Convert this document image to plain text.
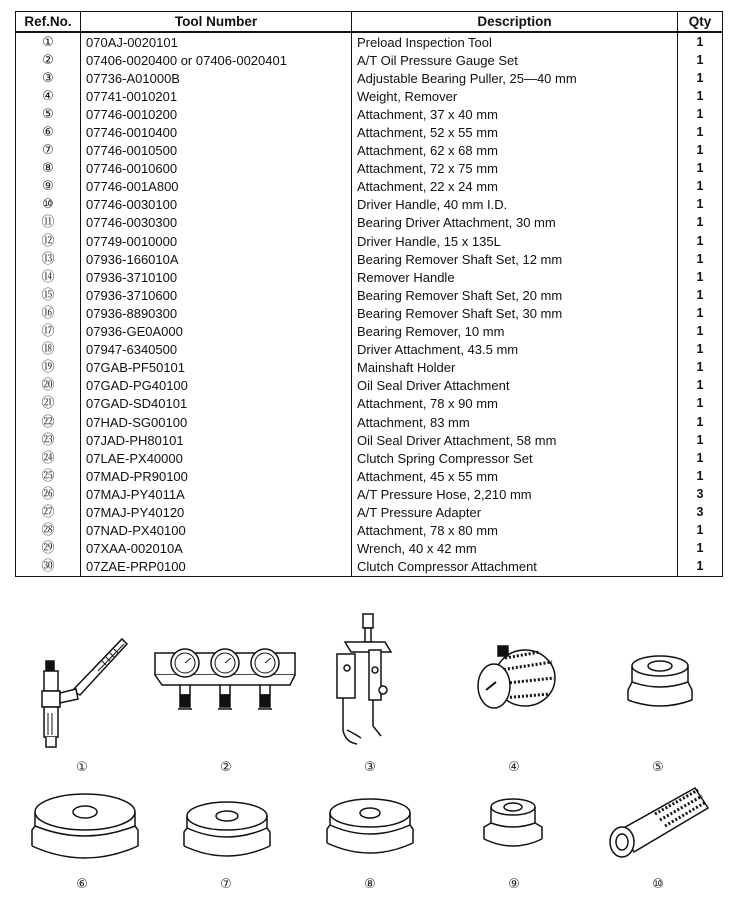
Ref.No.	Tool Number	Description	Qty
①	070AJ-0020101	Preload Inspection Tool	1
②	07406-0020400 or 07406-0020401	A/T Oil Pressure Gauge Set	1
③	07736-A01000B	Adjustable Bearing Puller, 25—40 mm	1
④	07741-0010201	Weight, Remover	1
⑤	07746-0010200	Attachment, 37 x 40 mm	1
⑥	07746-0010400	Attachment, 52 x 55 mm	1
⑦	07746-0010500	Attachment, 62 x 68 mm	1
⑧	07746-0010600	Attachment, 72 x 75 mm	1
⑨	07746-001A800	Attachment, 22 x 24 mm	1
⑩	07746-0030100	Driver Handle, 40 mm I.D.	1
⑪	07746-0030300	Bearing Driver Attachment, 30 mm	1
⑫	07749-0010000	Driver Handle, 15 x 135L	1
⑬	07936-166010A	Bearing Remover Shaft Set, 12 mm	1
⑭	07936-3710100	Remover Handle	1
⑮	07936-3710600	Bearing Remover Shaft Set, 20 mm	1
⑯	07936-8890300	Bearing Remover Shaft Set, 30 mm	1
⑰	07936-GE0A000	Bearing Remover, 10 mm	1
⑱	07947-6340500	Driver Attachment, 43.5 mm	1
⑲	07GAB-PF50101	Mainshaft Holder	1
⑳	07GAD-PG40100	Oil Seal Driver Attachment	1
㉑	07GAD-SD40101	Attachment, 78 x 90 mm	1
㉒	07HAD-SG00100	Attachment, 83 mm	1
㉓	07JAD-PH80101	Oil Seal Driver Attachment, 58 mm	1
㉔	07LAE-PX40000	Clutch Spring Compressor Set	1
㉕	07MAD-PR90100	Attachment, 45 x 55 mm	1
㉖	07MAJ-PY4011A	A/T Pressure Hose, 2,210 mm	3
㉗	07MAJ-PY40120	A/T Pressure Adapter	3
㉘	07NAD-PX40100	Attachment, 78 x 80 mm	1
㉙	07XAA-002010A	Wrench, 40 x 42 mm	1
㉚	07ZAE-PRP0100	Clutch Compressor Attachment	1
①	②	③	④	⑤
⑥	⑦	⑧	⑨	⑩
